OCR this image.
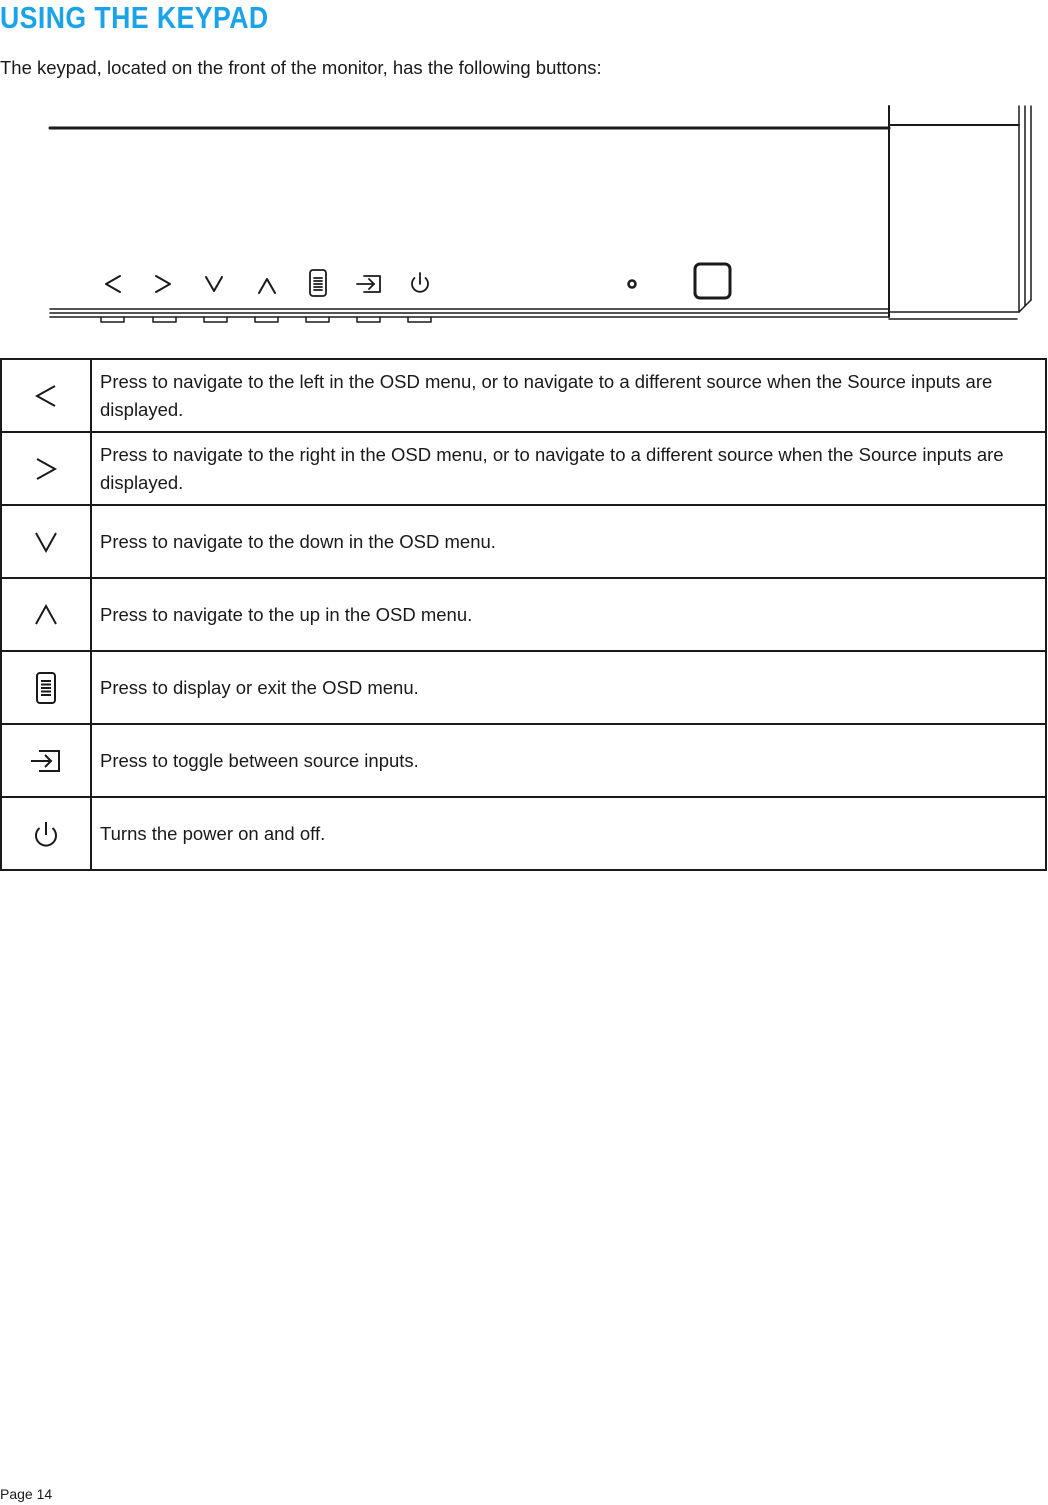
USING THE KEYPAD
The keypad, located on the front of the monitor, has the following buttons:
	Press to navigate to the left in the OSD menu, or to navigate to a different source when the Source inputs are displayed.
	Press to navigate to the right in the OSD menu, or to navigate to a different source when the Source inputs are displayed.
	Press to navigate to the down in the OSD menu.
	Press to navigate to the up in the OSD menu.
	Press to display or exit the OSD menu.
	Press to toggle between source inputs.
	Turns the power on and off.
Page 14
